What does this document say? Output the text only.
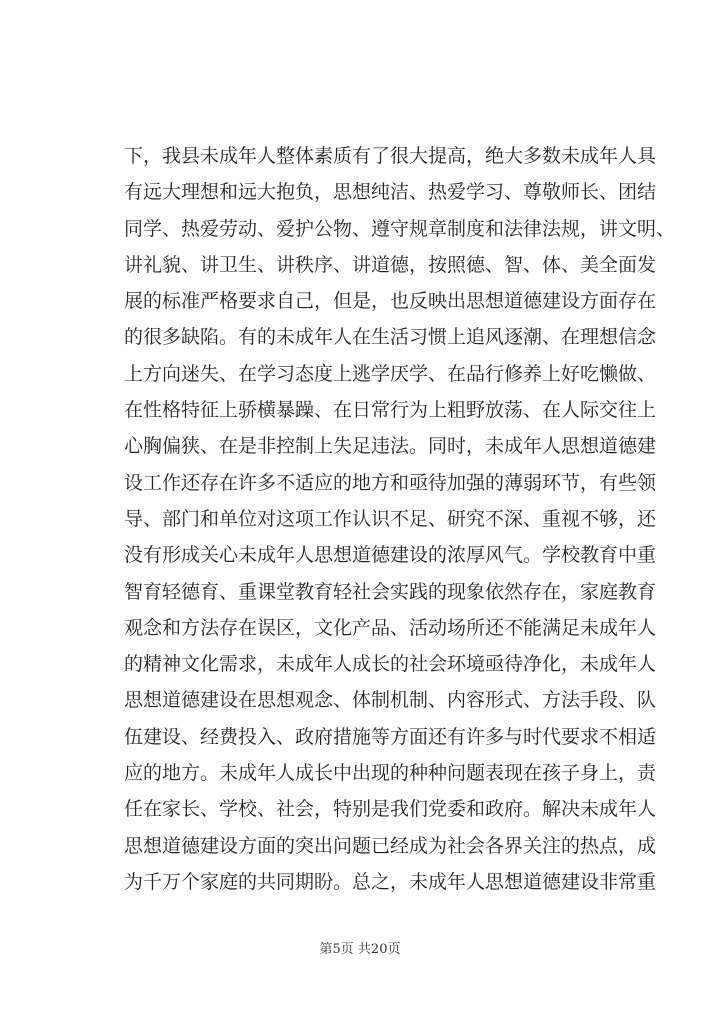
下，我县未成年人整体素质有了很大提高，绝大多数未成年人具
有远大理想和远大抱负，思想纯洁、热爱学习、尊敬师长、团结
同学、热爱劳动、爱护公物、遵守规章制度和法律法规，讲文明、
讲礼貌、讲卫生、讲秩序、讲道德，按照德、智、体、美全面发
展的标准严格要求自己，但是，也反映出思想道德建设方面存在
的很多缺陷。有的未成年人在生活习惯上追风逐潮、在理想信念
上方向迷失、在学习态度上逃学厌学、在品行修养上好吃懒做、
在性格特征上骄横暴躁、在日常行为上粗野放荡、在人际交往上
心胸偏狭、在是非控制上失足违法。同时，未成年人思想道德建
设工作还存在许多不适应的地方和亟待加强的薄弱环节，有些领
导、部门和单位对这项工作认识不足、研究不深、重视不够，还
没有形成关心未成年人思想道德建设的浓厚风气。学校教育中重
智育轻德育、重课堂教育轻社会实践的现象依然存在，家庭教育
观念和方法存在误区，文化产品、活动场所还不能满足未成年人
的精神文化需求，未成年人成长的社会环境亟待净化，未成年人
思想道德建设在思想观念、体制机制、内容形式、方法手段、队
伍建设、经费投入、政府措施等方面还有许多与时代要求不相适
应的地方。未成年人成长中出现的种种问题表现在孩子身上，责
任在家长、学校、社会，特别是我们党委和政府。解决未成年人
思想道德建设方面的突出问题已经成为社会各界关注的热点，成
为千万个家庭的共同期盼。总之，未成年人思想道德建设非常重
第5页 共20页
